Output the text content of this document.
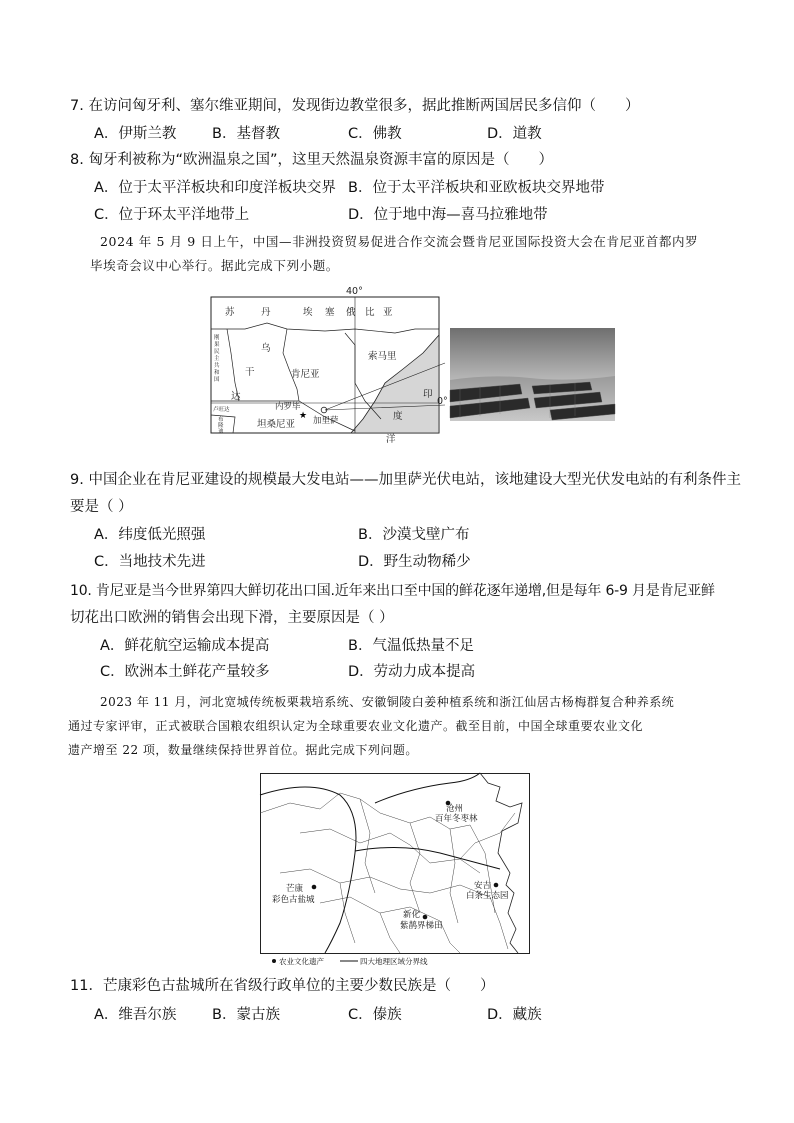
7. 在访问匈牙利、塞尔维亚期间，发现街边教堂很多，据此推断两国居民多信仰（　　）
A．伊斯兰教 B．基督教	C．佛教	D．道教
8. 匈牙利被称为“欧洲温泉之国”，这里天然温泉资源丰富的原因是（　　）
A．位于太平洋板块和印度洋板块交界 B．位于太平洋板块和亚欧板块交界地带
C．位于环太平洋地带上	D．位于地中海—喜马拉雅地带
2024 年 5 月 9 日上午，中国—非洲投资贸易促进合作交流会暨肯尼亚国际投资大会在肯尼亚首都内罗
毕埃奇会议中心举行。据此完成下列小题。
40°
0°
苏	丹	埃 塞 俄 比 亚
索马里
乌
干
达
肯尼亚
刚
果
民
主
共
和
国
卢旺达
布
隆
迪
★
内罗毕
加里萨
坦桑尼亚
印
度
洋
9. 中国企业在肯尼亚建设的规模最大发电站——加里萨光伏电站，该地建设大型光伏发电站的有利条件主
要是（ ）
A．纬度低光照强	B．沙漠戈壁广布
C．当地技术先进	D．野生动物稀少
10. 肯尼亚是当今世界第四大鲜切花出口国.近年来出口至中国的鲜花逐年递增,但是每年 6-9 月是肯尼亚鲜
切花出口欧洲的销售会出现下滑，主要原因是（ ）
A．鲜花航空运输成本提高	B．气温低热量不足
C．欧洲本土鲜花产量较多	D．劳动力成本提高
2023 年 11 月，河北宽城传统板栗栽培系统、安徽铜陵白姜种植系统和浙江仙居古杨梅群复合种养系统
通过专家评审，正式被联合国粮农组织认定为全球重要农业文化遗产。截至目前，中国全球重要农业文化
遗产增至 22 项，数量继续保持世界首位。据此完成下列问题。
沧州
百年冬枣林
芒康
彩色古盐城
安吉
白条生态园
新化
紫鹊界梯田
农业文化遗产	四大地理区域分界线
11．芒康彩色古盐城所在省级行政单位的主要少数民族是（　　）
A．维吾尔族 B．蒙古族	C．傣族	D．藏族
